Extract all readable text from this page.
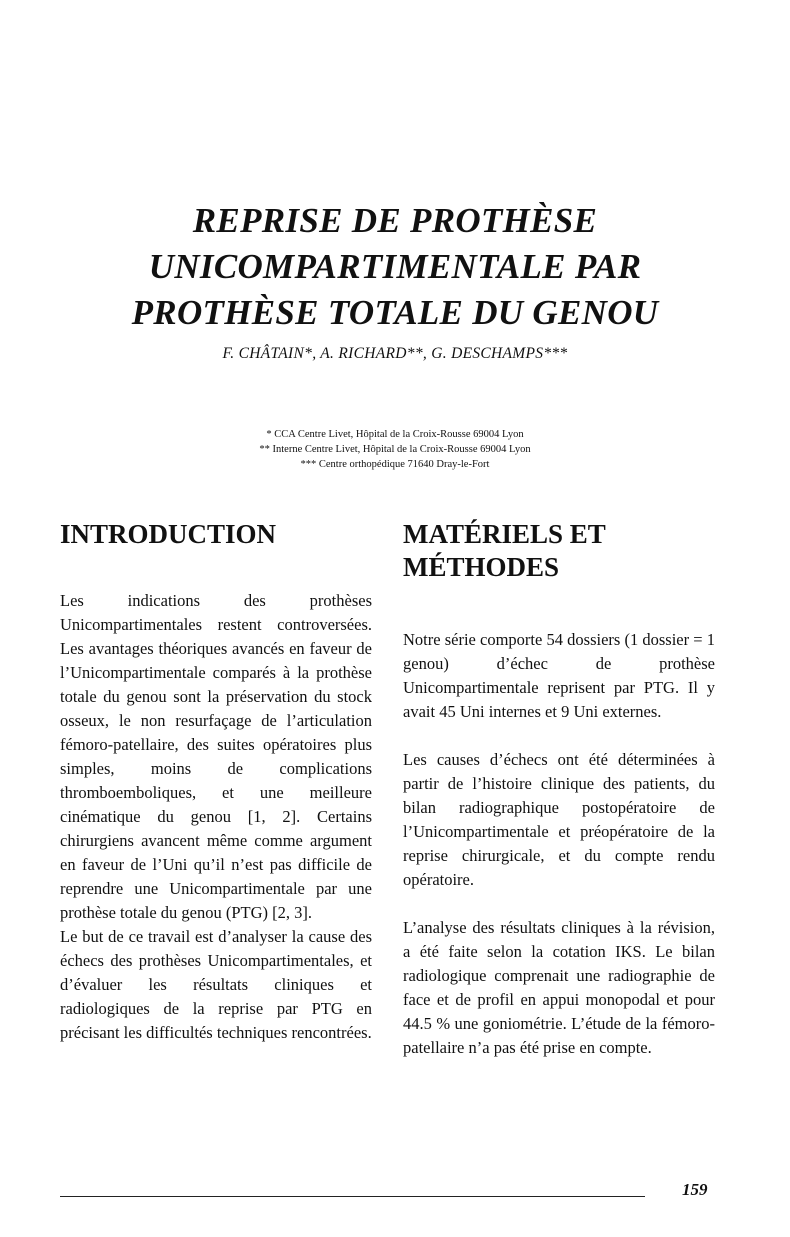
REPRISE DE PROTHÈSE
UNICOMPARTIMENTALE PAR
PROTHÈSE TOTALE DU GENOU
F. CHÂTAIN*, A. RICHARD**, G. DESCHAMPS***
* CCA Centre Livet, Hôpital de la Croix-Rousse 69004 Lyon
** Interne Centre Livet, Hôpital de la Croix-Rousse 69004 Lyon
*** Centre orthopédique 71640 Dray-le-Fort
INTRODUCTION

Les indications des prothèses Unicompartimentales restent controversées. Les avantages théoriques avancés en faveur de l’Unicompartimentale comparés à la prothèse totale du genou sont la préservation du stock osseux, le non resurfaçage de l’articulation fémoro-patellaire, des suites opératoires plus simples, moins de complications thromboemboliques, et une meilleure cinématique du genou [1, 2]. Certains chirurgiens avancent même comme argument en faveur de l’Uni qu’il n’est pas difficile de reprendre une Unicompartimentale par une prothèse totale du genou (PTG) [2, 3].

Le but de ce travail est d’analyser la cause des échecs des prothèses Unicompartimentales, et d’évaluer les résultats cliniques et radiologiques de la reprise par PTG en précisant les difficultés techniques rencontrées.

MATÉRIELS ET
MÉTHODES

Notre série comporte 54 dossiers (1 dossier = 1 genou) d’échec de prothèse Unicompartimentale reprisent par PTG. Il y avait 45 Uni internes et 9 Uni externes.

Les causes d’échecs ont été déterminées à partir de l’histoire clinique des patients, du bilan radiographique postopératoire de l’Unicompartimentale et préopératoire de la reprise chirurgicale, et du compte rendu opératoire.

L’analyse des résultats cliniques à la révision, a été faite selon la cotation IKS. Le bilan radiologique comprenait une radiographie de face et de profil en appui monopodal et pour 44.5 % une goniométrie. L’étude de la fémoro-patellaire n’a pas été prise en compte.

159
